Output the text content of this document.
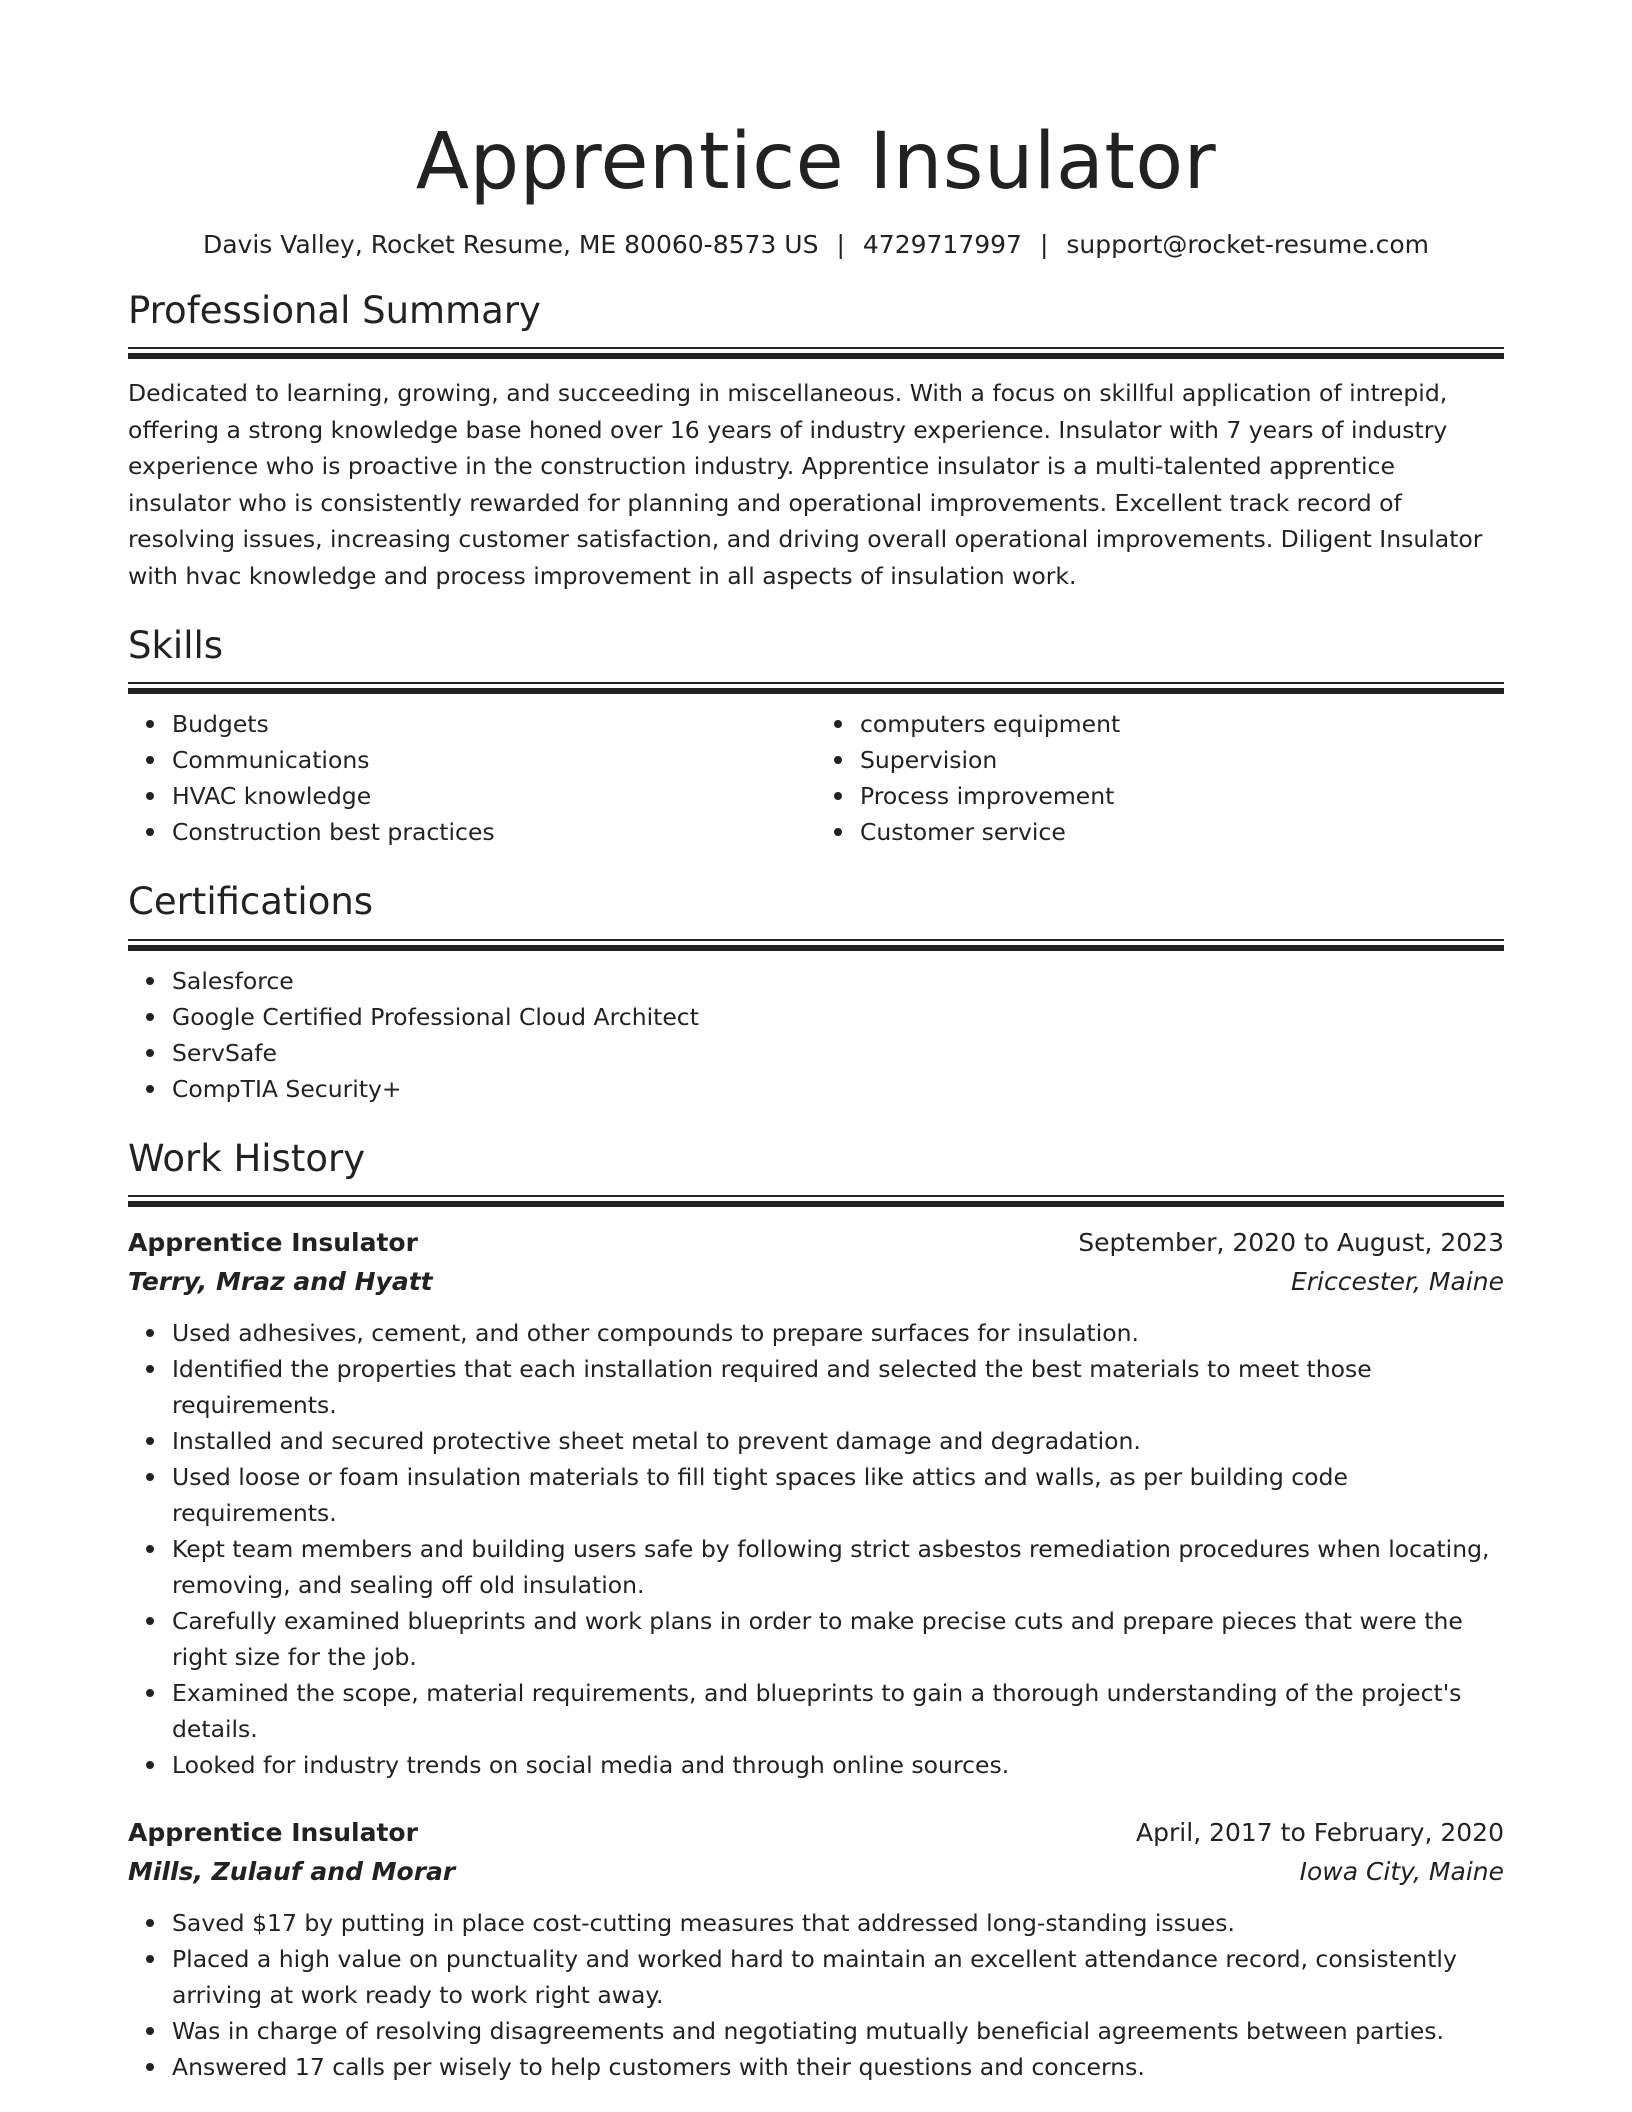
Apprentice Insulator
Davis Valley, Rocket Resume, ME 80060-8573 US | 4729717997 | support@rocket-resume.com
Professional Summary
Dedicated to learning, growing, and succeeding in miscellaneous. With a focus on skillful application of intrepid, offering a strong knowledge base honed over 16 years of industry experience. Insulator with 7 years of industry experience who is proactive in the construction industry. Apprentice insulator is a multi-talented apprentice insulator who is consistently rewarded for planning and operational improvements. Excellent track record of resolving issues, increasing customer satisfaction, and driving overall operational improvements. Diligent Insulator with hvac knowledge and process improvement in all aspects of insulation work.
Skills
Budgets
Communications
HVAC knowledge
Construction best practices
computers equipment
Supervision
Process improvement
Customer service
Certifications
Salesforce
Google Certified Professional Cloud Architect
ServSafe
CompTIA Security+
Work History
Apprentice Insulator	September, 2020 to August, 2023
Terry, Mraz and Hyatt	Ericcester, Maine
Used adhesives, cement, and other compounds to prepare surfaces for insulation.
Identified the properties that each installation required and selected the best materials to meet those requirements.
Installed and secured protective sheet metal to prevent damage and degradation.
Used loose or foam insulation materials to fill tight spaces like attics and walls, as per building code requirements.
Kept team members and building users safe by following strict asbestos remediation procedures when locating, removing, and sealing off old insulation.
Carefully examined blueprints and work plans in order to make precise cuts and prepare pieces that were the right size for the job.
Examined the scope, material requirements, and blueprints to gain a thorough understanding of the project's details.
Looked for industry trends on social media and through online sources.
Apprentice Insulator	April, 2017 to February, 2020
Mills, Zulauf and Morar	Iowa City, Maine
Saved $17 by putting in place cost-cutting measures that addressed long-standing issues.
Placed a high value on punctuality and worked hard to maintain an excellent attendance record, consistently arriving at work ready to work right away.
Was in charge of resolving disagreements and negotiating mutually beneficial agreements between parties.
Answered 17 calls per wisely to help customers with their questions and concerns.
